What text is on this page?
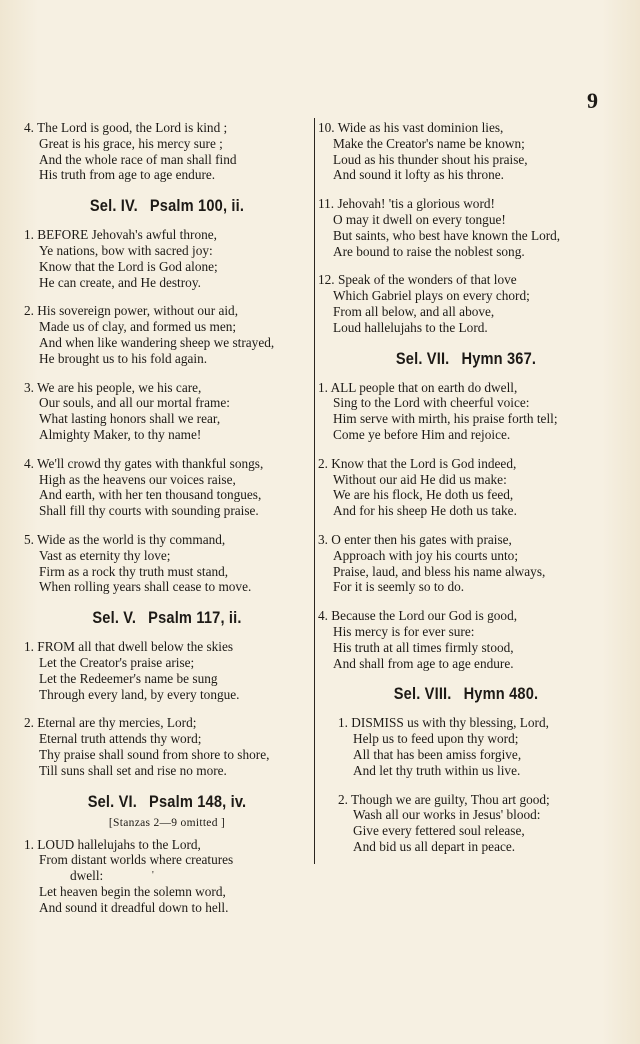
9
4. The Lord is good, the Lord is kind ;
Great is his grace, his mercy sure ;
And the whole race of man shall find
His truth from age to age endure.
Sel. IV. Psalm 100, ii.
1. BEFORE Jehovah's awful throne,
Ye nations, bow with sacred joy:
Know that the Lord is God alone;
He can create, and He destroy.
2. His sovereign power, without our aid,
Made us of clay, and formed us men;
And when like wandering sheep we strayed,
He brought us to his fold again.
3. We are his people, we his care,
Our souls, and all our mortal frame:
What lasting honors shall we rear,
Almighty Maker, to thy name!
4. We'll crowd thy gates with thankful songs,
High as the heavens our voices raise,
And earth, with her ten thousand tongues,
Shall fill thy courts with sounding praise.
5. Wide as the world is thy command,
Vast as eternity thy love;
Firm as a rock thy truth must stand,
When rolling years shall cease to move.
Sel. V. Psalm 117, ii.
1. FROM all that dwell below the skies
Let the Creator's praise arise;
Let the Redeemer's name be sung
Through every land, by every tongue.
2. Eternal are thy mercies, Lord;
Eternal truth attends thy word;
Thy praise shall sound from shore to shore,
Till suns shall set and rise no more.
Sel. VI. Psalm 148, iv.
[Stanzas 2—9 omitted ]
1. LOUD hallelujahs to the Lord,
From distant worlds where creatures
dwell:
Let heaven begin the solemn word,
And sound it dreadful down to hell.
10. Wide as his vast dominion lies,
Make the Creator's name be known;
Loud as his thunder shout his praise,
And sound it lofty as his throne.
11. Jehovah! 'tis a glorious word!
O may it dwell on every tongue!
But saints, who best have known the Lord,
Are bound to raise the noblest song.
12. Speak of the wonders of that love
Which Gabriel plays on every chord;
From all below, and all above,
Loud hallelujahs to the Lord.
Sel. VII. Hymn 367.
1. ALL people that on earth do dwell,
Sing to the Lord with cheerful voice:
Him serve with mirth, his praise forth tell;
Come ye before Him and rejoice.
2. Know that the Lord is God indeed,
Without our aid He did us make:
We are his flock, He doth us feed,
And for his sheep He doth us take.
3. O enter then his gates with praise,
Approach with joy his courts unto;
Praise, laud, and bless his name always,
For it is seemly so to do.
4. Because the Lord our God is good,
His mercy is for ever sure:
His truth at all times firmly stood,
And shall from age to age endure.
Sel. VIII. Hymn 480.
1. DISMISS us with thy blessing, Lord,
Help us to feed upon thy word;
All that has been amiss forgive,
And let thy truth within us live.
2. Though we are guilty, Thou art good;
Wash all our works in Jesus' blood:
Give every fettered soul release,
And bid us all depart in peace.
'
